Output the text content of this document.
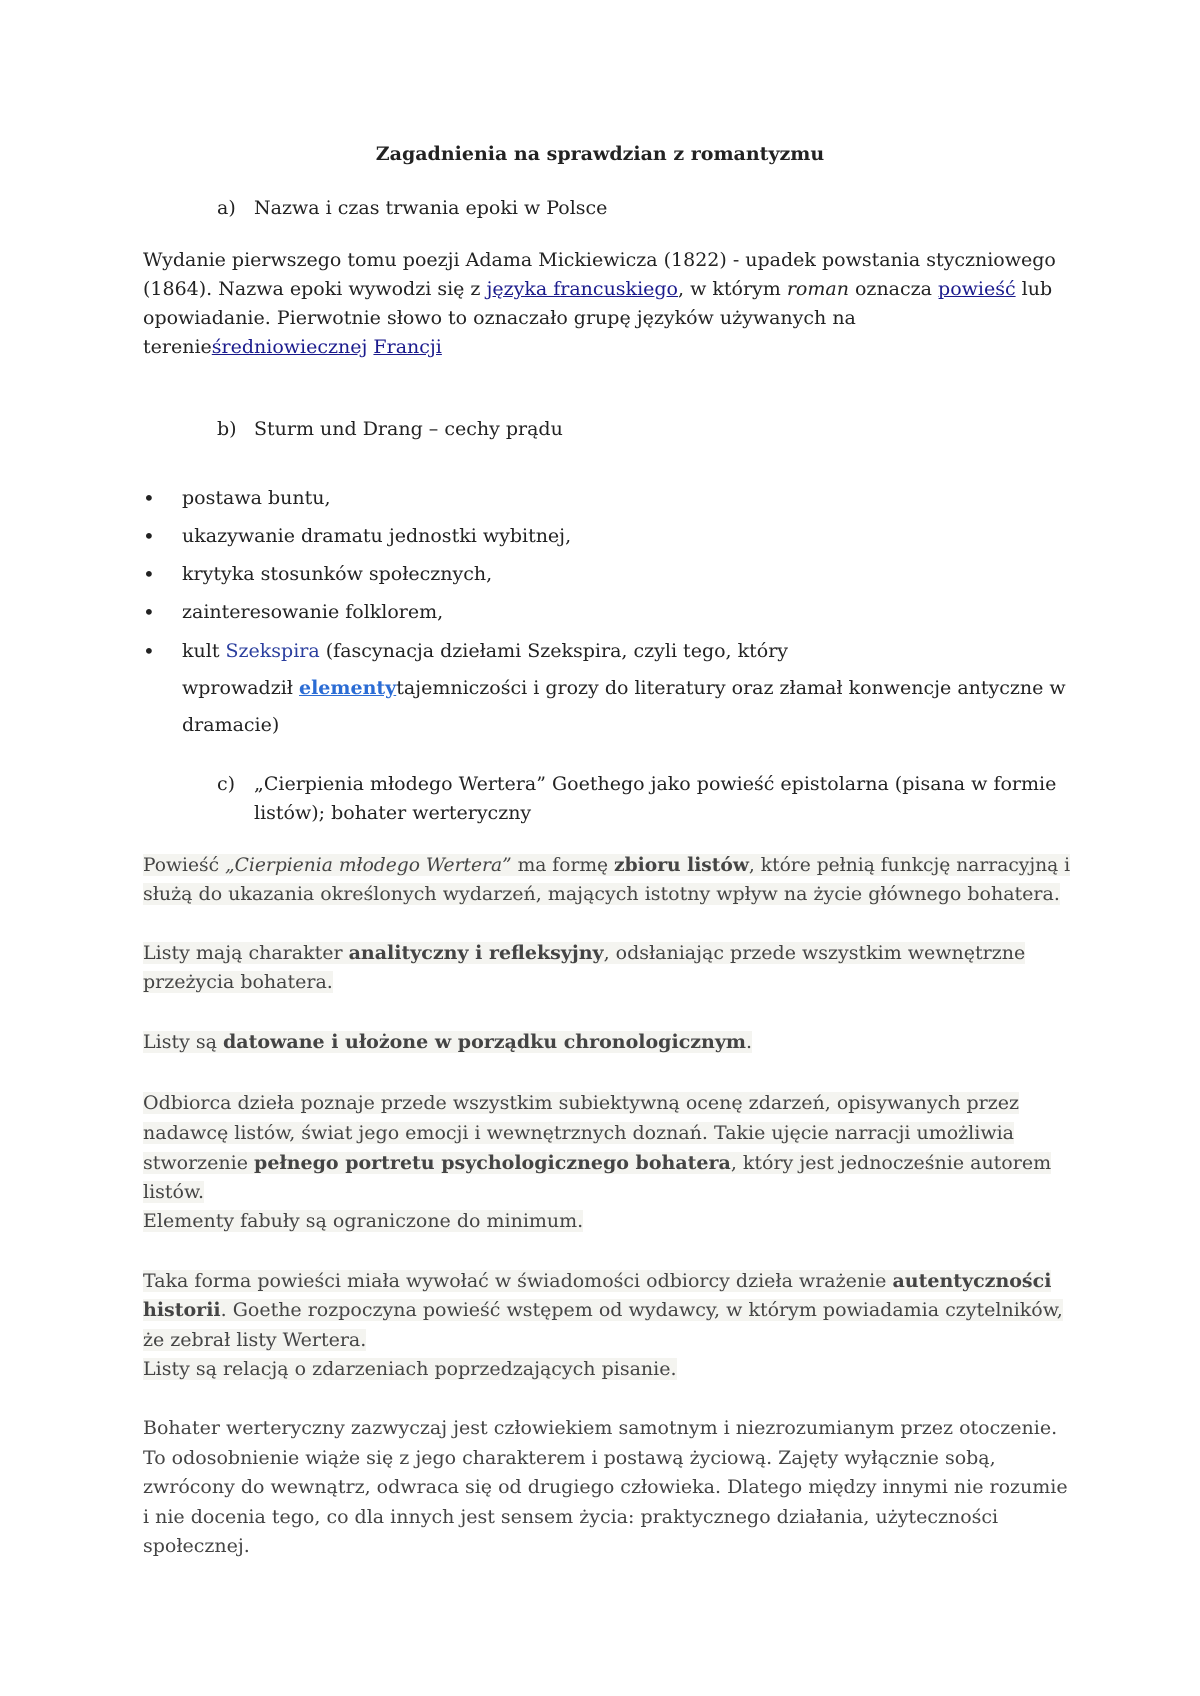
Zagadnienia na sprawdzian z romantyzmu
a) Nazwa i czas trwania epoki w Polsce
Wydanie pierwszego tomu poezji Adama Mickiewicza (1822) - upadek powstania styczniowego
(1864). Nazwa epoki wywodzi się z języka francuskiego, w którym roman oznacza powieść lub
opowiadanie. Pierwotnie słowo to oznaczało grupę języków używanych na
terenieśredniowiecznej Francji
b) Sturm und Drang – cechy prądu
• postawa buntu,
• ukazywanie dramatu jednostki wybitnej,
• krytyka stosunków społecznych,
• zainteresowanie folklorem,
• kult Szekspira (fascynacja dziełami Szekspira, czyli tego, który
wprowadził elementytajemniczości i grozy do literatury oraz złamał konwencje antyczne w
dramacie)
c) „Cierpienia młodego Wertera” Goethego jako powieść epistolarna (pisana w formie
listów); bohater werteryczny
Powieść „Cierpienia młodego Wertera” ma formę zbioru listów, które pełnią funkcję narracyjną i
służą do ukazania określonych wydarzeń, mających istotny wpływ na życie głównego bohatera.
Listy mają charakter analityczny i refleksyjny, odsłaniając przede wszystkim wewnętrzne
przeżycia bohatera.
Listy są datowane i ułożone w porządku chronologicznym.
Odbiorca dzieła poznaje przede wszystkim subiektywną ocenę zdarzeń, opisywanych przez
nadawcę listów, świat jego emocji i wewnętrznych doznań. Takie ujęcie narracji umożliwia
stworzenie pełnego portretu psychologicznego bohatera, który jest jednocześnie autorem
listów.
Elementy fabuły są ograniczone do minimum.
Taka forma powieści miała wywołać w świadomości odbiorcy dzieła wrażenie autentyczności
historii. Goethe rozpoczyna powieść wstępem od wydawcy, w którym powiadamia czytelników,
że zebrał listy Wertera.
Listy są relacją o zdarzeniach poprzedzających pisanie.
Bohater werteryczny zazwyczaj jest człowiekiem samotnym i niezrozumianym przez otoczenie.
To odosobnienie wiąże się z jego charakterem i postawą życiową. Zajęty wyłącznie sobą,
zwrócony do wewnątrz, odwraca się od drugiego człowieka. Dlatego między innymi nie rozumie
i nie docenia tego, co dla innych jest sensem życia: praktycznego działania, użyteczności
społecznej.
